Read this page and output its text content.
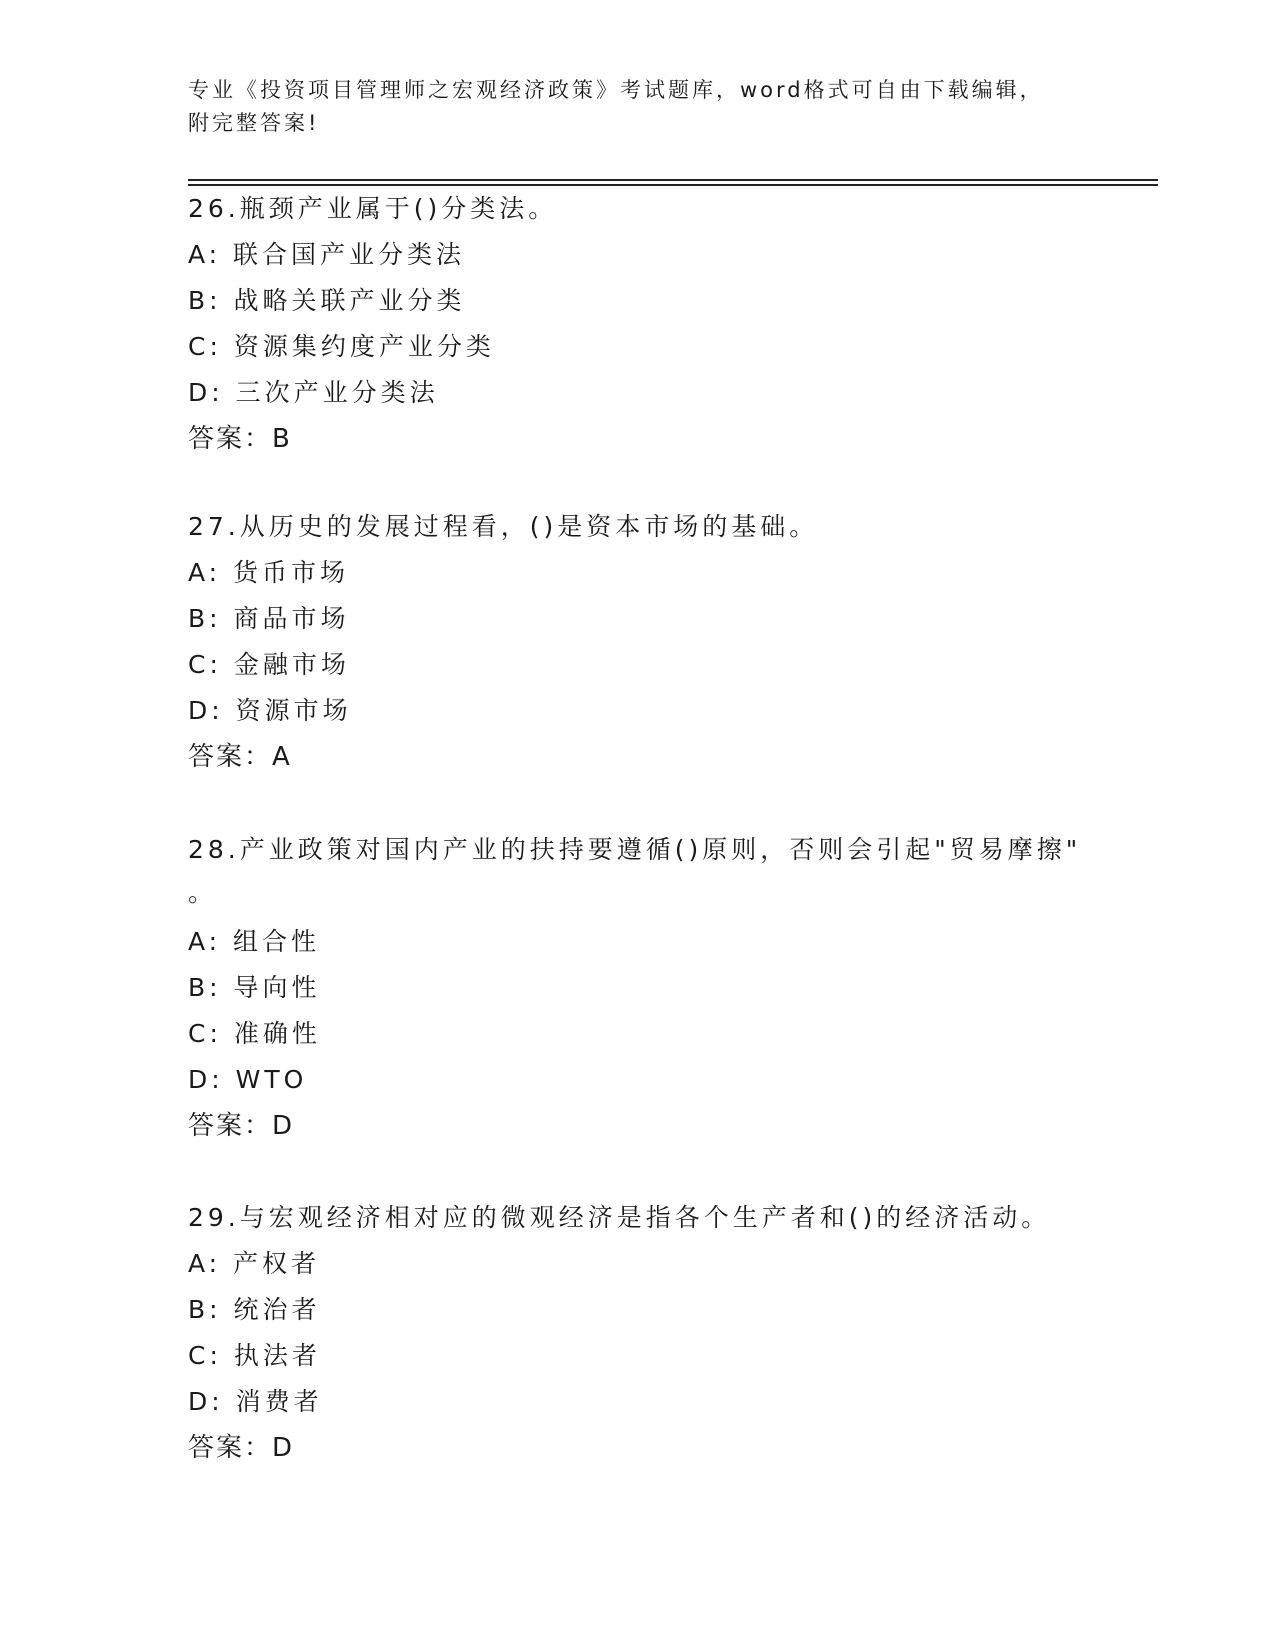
专业《投资项目管理师之宏观经济政策》考试题库，word格式可自由下载编辑，
附完整答案!
26.瓶颈产业属于()分类法。
A: 联合国产业分类法
B: 战略关联产业分类
C: 资源集约度产业分类
D: 三次产业分类法
答案：B
27.从历史的发展过程看，()是资本市场的基础。
A: 货币市场
B: 商品市场
C: 金融市场
D: 资源市场
答案：A
28.产业政策对国内产业的扶持要遵循()原则，否则会引起"贸易摩擦"
。
A: 组合性
B: 导向性
C: 准确性
D: WTO
答案：D
29.与宏观经济相对应的微观经济是指各个生产者和()的经济活动。
A: 产权者
B: 统治者
C: 执法者
D: 消费者
答案：D
